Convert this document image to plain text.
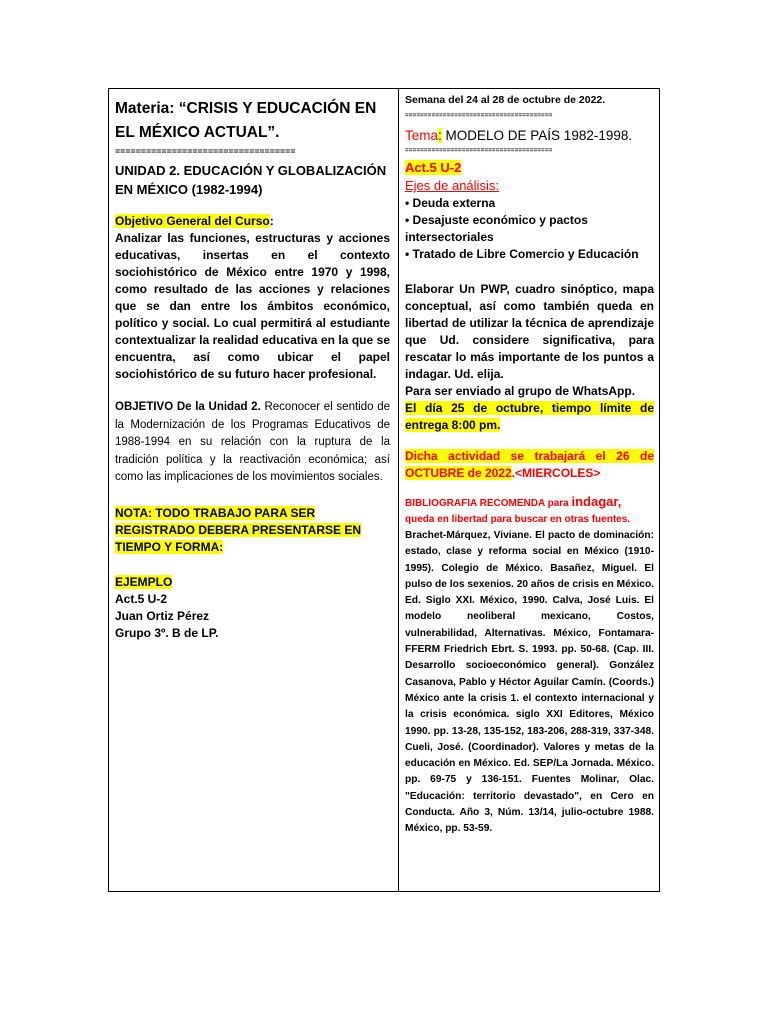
Materia: “CRISIS Y EDUCACIÓN EN EL MÉXICO ACTUAL”.

===================================

UNIDAD 2. EDUCACIÓN Y GLOBALIZACIÓN EN MÉXICO (1982-1994)

Objetivo General del Curso:

Analizar las funciones, estructuras y acciones educativas, insertas en el contexto sociohistórico de México entre 1970 y 1998, como resultado de las acciones y relaciones que se dan entre los ámbitos económico, político y social. Lo cual permitirá al estudiante contextualizar la realidad educativa en la que se encuentra, así como ubicar el papel sociohistórico de su futuro hacer profesional.

OBJETIVO De la Unidad 2. Reconocer el sentido de la Modernización de los Programas Educativos de 1988-1994 en su relación con la ruptura de la tradición política y la reactivación económica; así como las implicaciones de los movimientos sociales.

NOTA: TODO TRABAJO PARA SER REGISTRADO DEBERA PRESENTARSE EN TIEMPO Y FORMA:

EJEMPLO

Act.5 U-2

Juan Ortiz Pérez

Grupo 3º. B de LP.

Semana del 24 al 28 de octubre de 2022.

=======================================

Tema: MODELO DE PAÍS 1982-1998.

=======================================

Act.5 U-2

Ejes de análisis:

• Deuda externa

• Desajuste económico y pactos intersectoriales

• Tratado de Libre Comercio y Educación

Elaborar Un PWP, cuadro sinóptico, mapa conceptual, así como también queda en libertad de utilizar la técnica de aprendizaje que Ud. considere significativa, para rescatar lo más importante de los puntos a indagar. Ud. elija.

Para ser enviado al grupo de WhatsApp.

El día 25 de octubre, tiempo límite de entrega 8:00 pm.

Dicha actividad se trabajará el 26 de OCTUBRE de 2022.<MIERCOLES>

BIBLIOGRAFIA RECOMENDA para indagar,

queda en libertad para buscar en otras fuentes.

Brachet-Márquez, Viviane. El pacto de dominación: estado, clase y reforma social en México (1910-1995). Colegio de México. Basañez, Miguel. El pulso de los sexenios. 20 años de crisis en México. Ed. Siglo XXI. México, 1990. Calva, José Luis. El modelo neoliberal mexicano, Costos, vulnerabilidad, Alternativas. México, Fontamara-FFERM Friedrich Ebrt. S. 1993. pp. 50-68. (Cap. III. Desarrollo socioeconómico general). González Casanova, Pablo y Héctor Aguilar Camín. (Coords.) México ante la crisis 1. el contexto internacional y la crisis económica. siglo XXI Editores, México 1990. pp. 13-28, 135-152, 183-206, 288-319, 337-348. Cueli, José. (Coordinador). Valores y metas de la educación en México. Ed. SEP/La Jornada. México. pp. 69-75 y 136-151. Fuentes Molinar, Olac. "Educación: territorio devastado", en Cero en Conducta. Año 3, Núm. 13/14, julio-octubre 1988. México, pp. 53-59.
